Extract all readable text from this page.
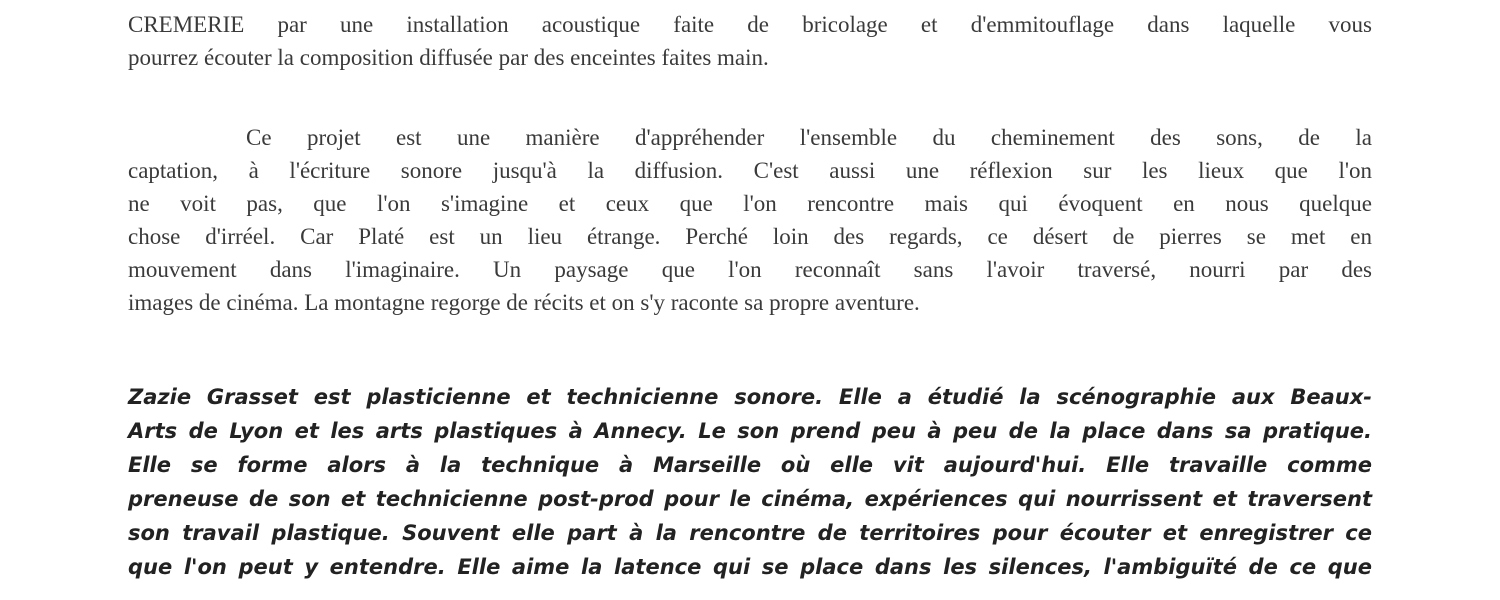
CREMERIE par une installation acoustique faite de bricolage et d'emmitouflage dans laquelle vous
pourrez écouter la composition diffusée par des enceintes faites main.

Ce projet est une manière d'appréhender l'ensemble du cheminement des sons, de la
captation, à l'écriture sonore jusqu'à la diffusion. C'est aussi une réflexion sur les lieux que l'on
ne voit pas, que l'on s'imagine et ceux que l'on rencontre mais qui évoquent en nous quelque
chose d'irréel. Car Platé est un lieu étrange. Perché loin des regards, ce désert de pierres se met en
mouvement dans l'imaginaire. Un paysage que l'on reconnaît sans l'avoir traversé, nourri par des
images de cinéma. La montagne regorge de récits et on s'y raconte sa propre aventure.

Zazie Grasset est plasticienne et technicienne sonore. Elle a étudié la scénographie aux Beaux-
Arts de Lyon et les arts plastiques à Annecy. Le son prend peu à peu de la place dans sa pratique.
Elle se forme alors à la technique à Marseille où elle vit aujourd'hui. Elle travaille comme
preneuse de son et technicienne post-prod pour le cinéma, expériences qui nourrissent et traversent
son travail plastique. Souvent elle part à la rencontre de territoires pour écouter et enregistrer ce
que l'on peut y entendre. Elle aime la latence qui se place dans les silences, l'ambiguïté de ce que
